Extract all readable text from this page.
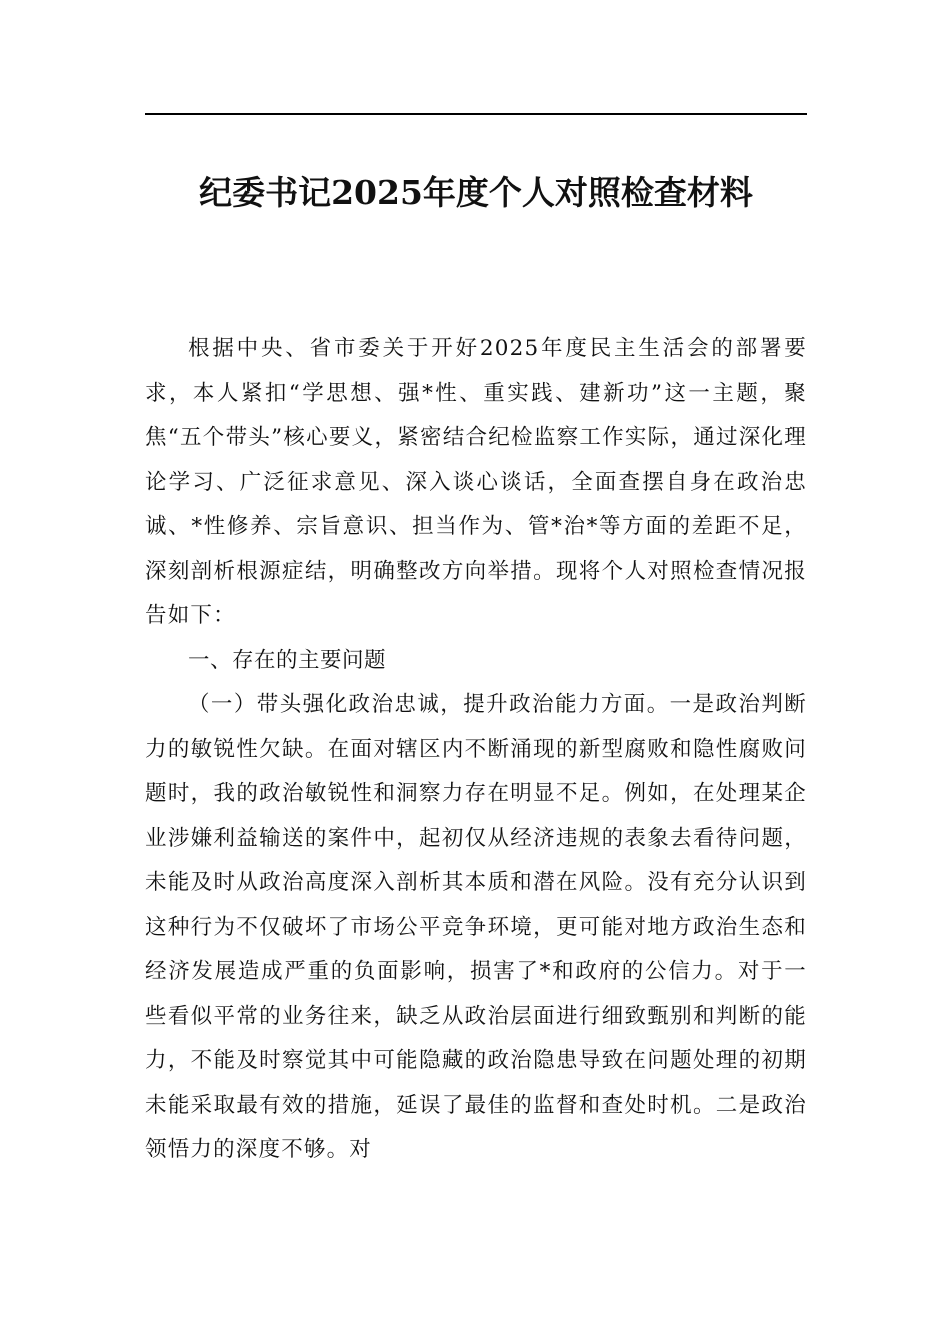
纪委书记2025年度个人对照检查材料

根据中央、省市委关于开好2025年度民主生活会的部署要求，本人紧扣“学思想、强*性、重实践、建新功”这一主题，聚焦“五个带头”核心要义，紧密结合纪检监察工作实际，通过深化理论学习、广泛征求意见、深入谈心谈话，全面查摆自身在政治忠诚、*性修养、宗旨意识、担当作为、管*治*等方面的差距不足，深刻剖析根源症结，明确整改方向举措。现将个人对照检查情况报告如下：

一、存在的主要问题

（一）带头强化政治忠诚，提升政治能力方面。一是政治判断力的敏锐性欠缺。在面对辖区内不断涌现的新型腐败和隐性腐败问题时，我的政治敏锐性和洞察力存在明显不足。例如，在处理某企业涉嫌利益输送的案件中，起初仅从经济违规的表象去看待问题，未能及时从政治高度深入剖析其本质和潜在风险。没有充分认识到这种行为不仅破坏了市场公平竞争环境，更可能对地方政治生态和经济发展造成严重的负面影响，损害了*和政府的公信力。对于一些看似平常的业务往来，缺乏从政治层面进行细致甄别和判断的能力，不能及时察觉其中可能隐藏的政治隐患导致在问题处理的初期未能采取最有效的措施，延误了最佳的监督和查处时机。二是政治领悟力的深度不够。对
